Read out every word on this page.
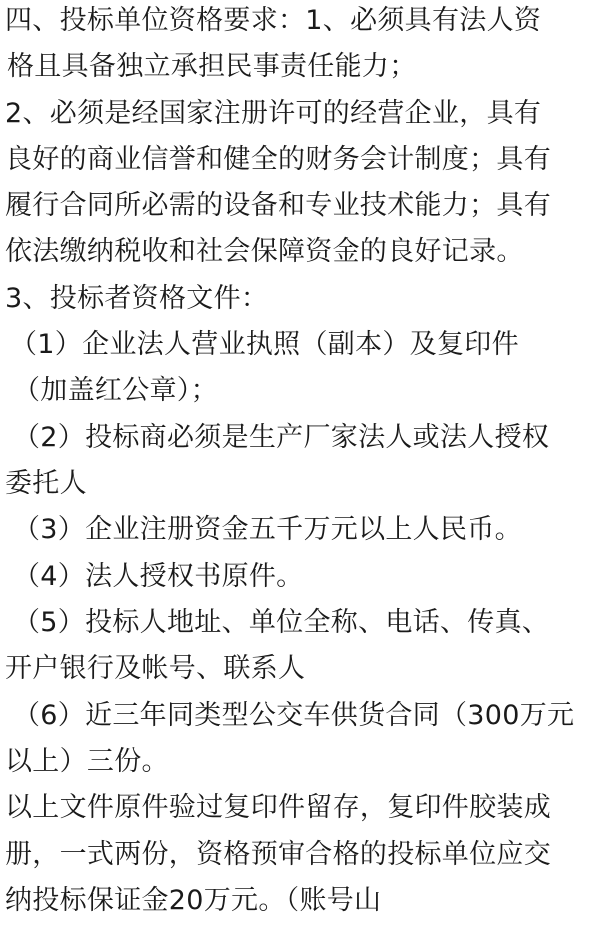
四、投标单位资格要求：1、必须具有法人资
格且具备独立承担民事责任能力；
2、必须是经国家注册许可的经营企业，具有
良好的商业信誉和健全的财务会计制度；具有
履行合同所必需的设备和专业技术能力；具有
依法缴纳税收和社会保障资金的良好记录。
3、投标者资格文件：
（1）企业法人营业执照（副本）及复印件
（加盖红公章）；
（2）投标商必须是生产厂家法人或法人授权
委托人
（3）企业注册资金五千万元以上人民币。
（4）法人授权书原件。
（5）投标人地址、单位全称、电话、传真、
开户银行及帐号、联系人
（6）近三年同类型公交车供货合同（300万元
以上）三份。
以上文件原件验过复印件留存，复印件胶装成
册，一式两份，资格预审合格的投标单位应交
纳投标保证金20万元。（账号山
